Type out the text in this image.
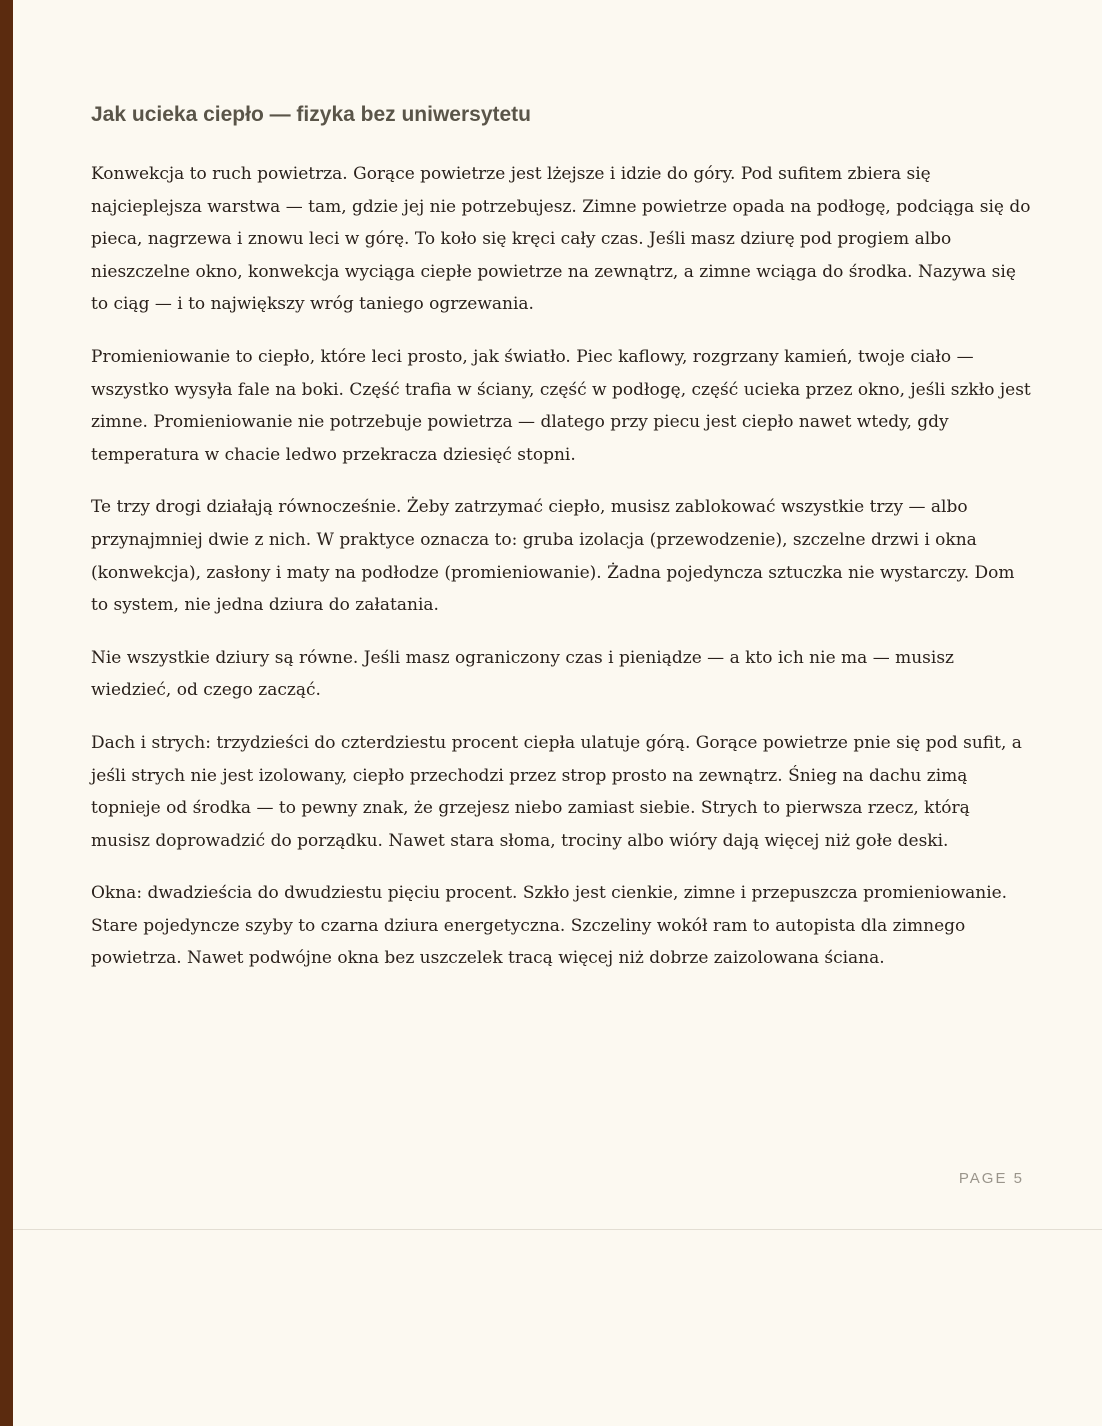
Jak ucieka ciepło — fizyka bez uniwersytetu

Konwekcja to ruch powietrza. Gorące powietrze jest lżejsze i idzie do góry. Pod sufitem zbiera się najcieplejsza warstwa — tam, gdzie jej nie potrzebujesz. Zimne powietrze opada na podłogę, podciąga się do pieca, nagrzewa i znowu leci w górę. To koło się kręci cały czas. Jeśli masz dziurę pod progiem albo nieszczelne okno, konwekcja wyciąga ciepłe powietrze na zewnątrz, a zimne wciąga do środka. Nazywa się to ciąg — i to największy wróg taniego ogrzewania.

Promieniowanie to ciepło, które leci prosto, jak światło. Piec kaflowy, rozgrzany kamień, twoje ciało — wszystko wysyła fale na boki. Część trafia w ściany, część w podłogę, część ucieka przez okno, jeśli szkło jest zimne. Promieniowanie nie potrzebuje powietrza — dlatego przy piecu jest ciepło nawet wtedy, gdy temperatura w chacie ledwo przekracza dziesięć stopni.

Te trzy drogi działają równocześnie. Żeby zatrzymać ciepło, musisz zablokować wszystkie trzy — albo przynajmniej dwie z nich. W praktyce oznacza to: gruba izolacja (przewodzenie), szczelne drzwi i okna (konwekcja), zasłony i maty na podłodze (promieniowanie). Żadna pojedyncza sztuczka nie wystarczy. Dom to system, nie jedna dziura do załatania.

Nie wszystkie dziury są równe. Jeśli masz ograniczony czas i pieniądze — a kto ich nie ma — musisz wiedzieć, od czego zacząć.

Dach i strych: trzydzieści do czterdziestu procent ciepła ulatuje górą. Gorące powietrze pnie się pod sufit, a jeśli strych nie jest izolowany, ciepło przechodzi przez strop prosto na zewnątrz. Śnieg na dachu zimą topnieje od środka — to pewny znak, że grzejesz niebo zamiast siebie. Strych to pierwsza rzecz, którą musisz doprowadzić do porządku. Nawet stara słoma, trociny albo wióry dają więcej niż gołe deski.

Okna: dwadzieścia do dwudziestu pięciu procent. Szkło jest cienkie, zimne i przepuszcza promieniowanie. Stare pojedyncze szyby to czarna dziura energetyczna. Szczeliny wokół ram to autopista dla zimnego powietrza. Nawet podwójne okna bez uszczelek tracą więcej niż dobrze zaizolowana ściana.

PAGE 5
